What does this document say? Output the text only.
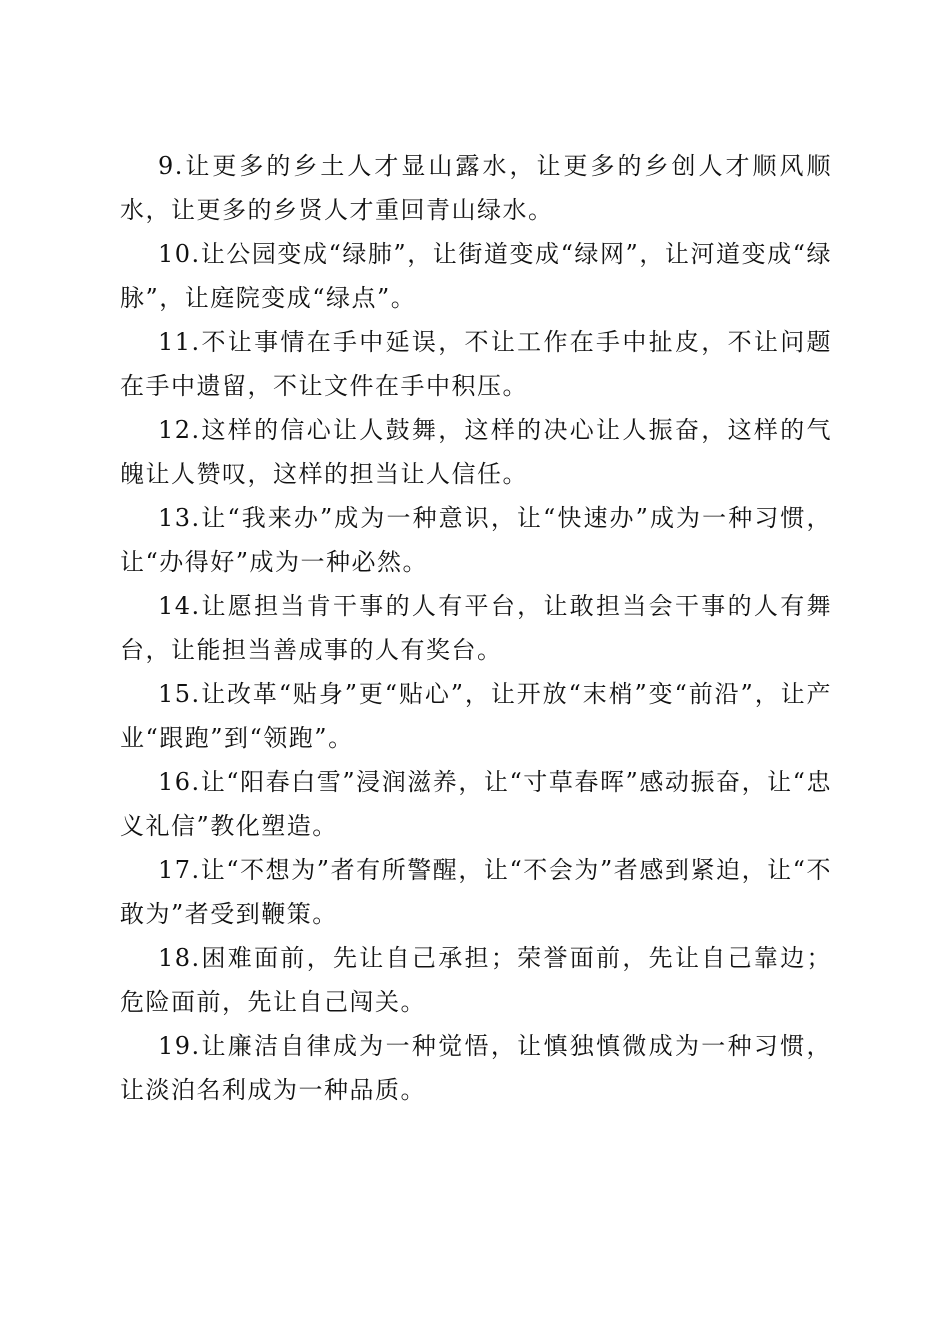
9.让更多的乡土人才显山露水，让更多的乡创人才顺风顺水，让更多的乡贤人才重回青山绿水。

10.让公园变成“绿肺”，让街道变成“绿网”，让河道变成“绿脉”，让庭院变成“绿点”。

11.不让事情在手中延误，不让工作在手中扯皮，不让问题在手中遗留，不让文件在手中积压。

12.这样的信心让人鼓舞，这样的决心让人振奋，这样的气魄让人赞叹，这样的担当让人信任。

13.让“我来办”成为一种意识，让“快速办”成为一种习惯，让“办得好”成为一种必然。

14.让愿担当肯干事的人有平台，让敢担当会干事的人有舞台，让能担当善成事的人有奖台。

15.让改革“贴身”更“贴心”，让开放“末梢”变“前沿”，让产业“跟跑”到“领跑”。

16.让“阳春白雪”浸润滋养，让“寸草春晖”感动振奋，让“忠义礼信”教化塑造。

17.让“不想为”者有所警醒，让“不会为”者感到紧迫，让“不敢为”者受到鞭策。

18.困难面前，先让自己承担；荣誉面前，先让自己靠边；危险面前，先让自己闯关。

19.让廉洁自律成为一种觉悟，让慎独慎微成为一种习惯，让淡泊名利成为一种品质。
